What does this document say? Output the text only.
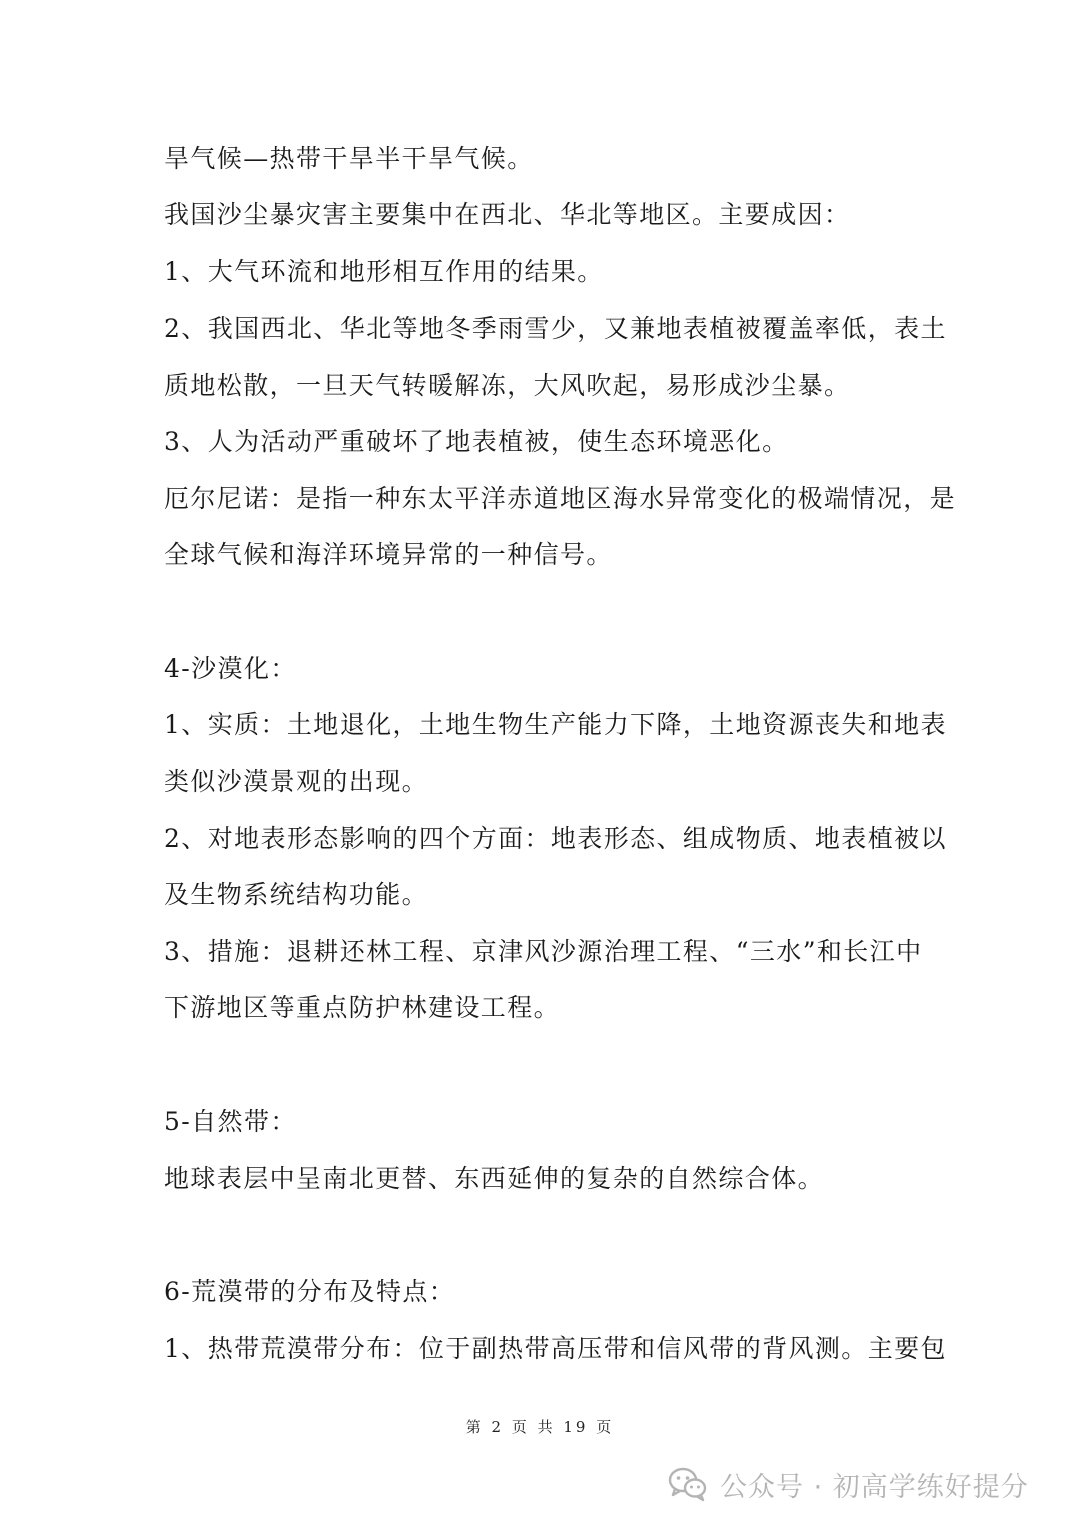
旱气候—热带干旱半干旱气候。
我国沙尘暴灾害主要集中在西北、华北等地区。主要成因：
1、大气环流和地形相互作用的结果。
2、我国西北、华北等地冬季雨雪少，又兼地表植被覆盖率低，表土
质地松散，一旦天气转暖解冻，大风吹起，易形成沙尘暴。
3、人为活动严重破坏了地表植被，使生态环境恶化。
厄尔尼诺：是指一种东太平洋赤道地区海水异常变化的极端情况，是
全球气候和海洋环境异常的一种信号。
4-沙漠化：
1、实质：土地退化，土地生物生产能力下降，土地资源丧失和地表
类似沙漠景观的出现。
2、对地表形态影响的四个方面：地表形态、组成物质、地表植被以
及生物系统结构功能。
3、措施：退耕还林工程、京津风沙源治理工程、“三水”和长江中
下游地区等重点防护林建设工程。
5-自然带：
地球表层中呈南北更替、东西延伸的复杂的自然综合体。
6-荒漠带的分布及特点：
1、热带荒漠带分布：位于副热带高压带和信风带的背风测。主要包
第 2 页 共 19 页
公众号 · 初高学练好提分
